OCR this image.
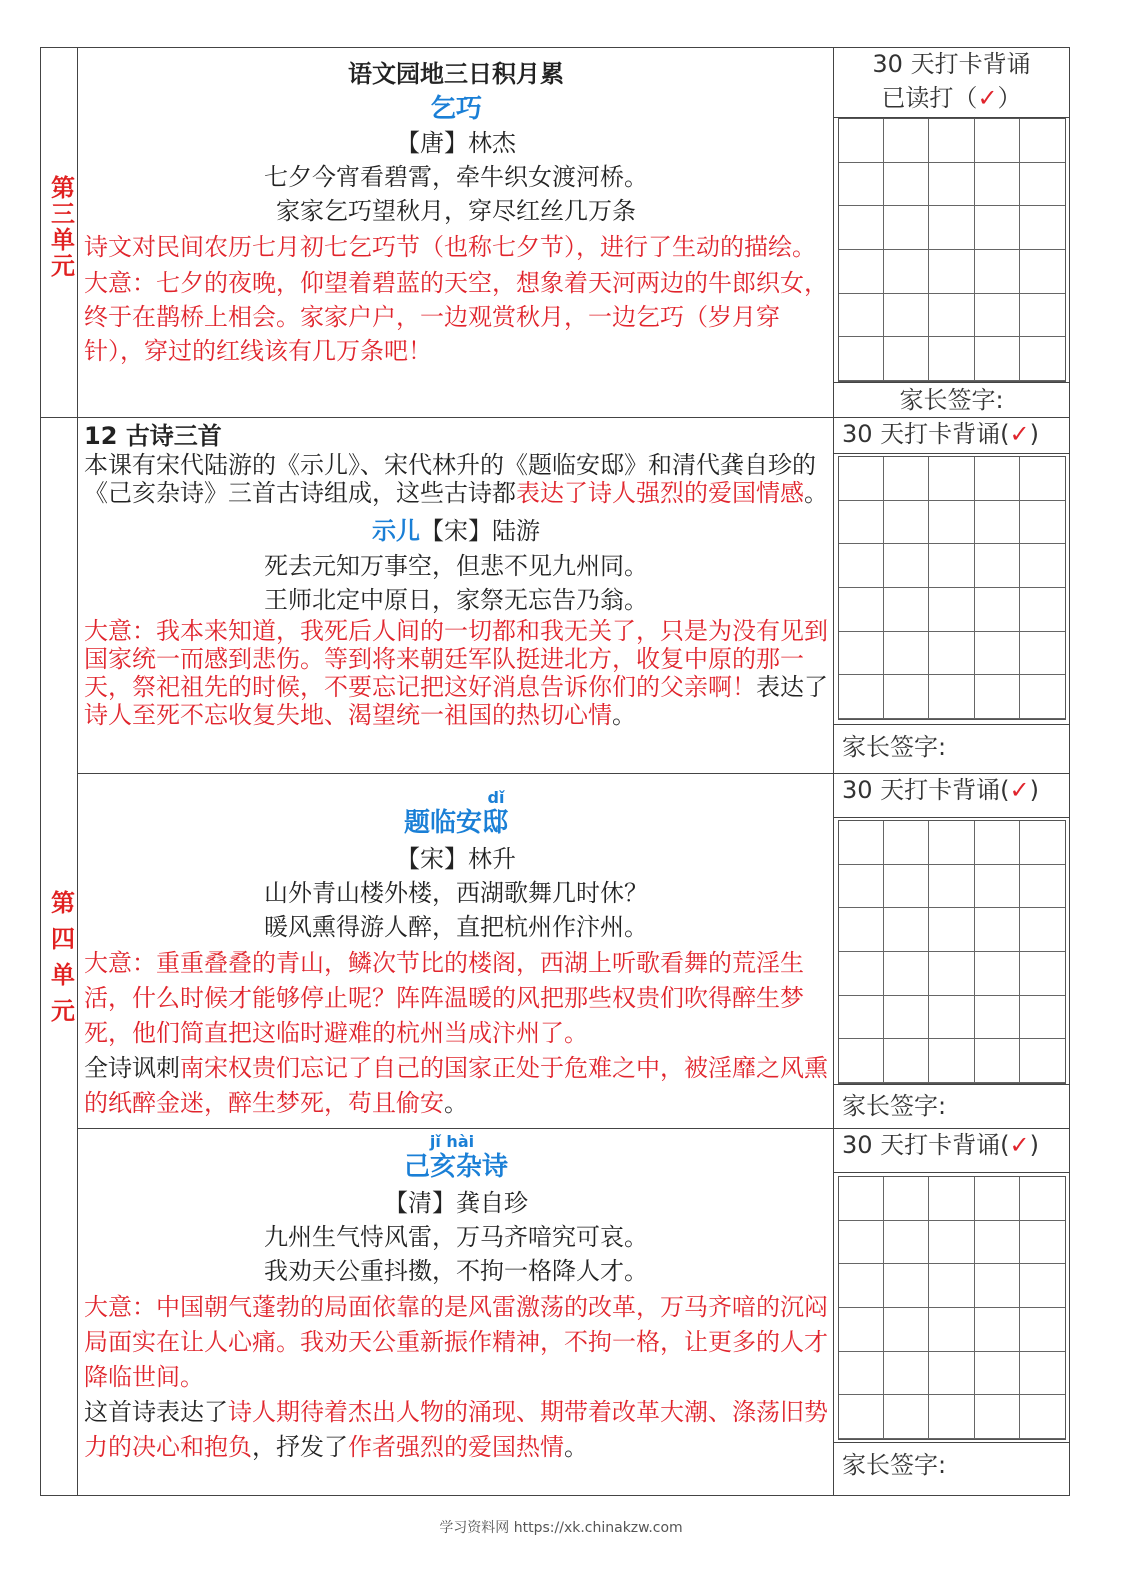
第三单元
第四单元
语文园地三日积月累
乞巧
【唐】林杰
七夕今宵看碧霄，牵牛织女渡河桥。
家家乞巧望秋月，穿尽红丝几万条
诗文对民间农历七月初七乞巧节（也称七夕节），进行了生动的描绘。
大意：七夕的夜晚，仰望着碧蓝的天空，想象着天河两边的牛郎织女，终于在鹊桥上相会。家家户户，一边观赏秋月，一边乞巧（岁月穿针），穿过的红线该有几万条吧！
30 天打卡背诵
已读打（✓）
家长签字:
12 古诗三首
本课有宋代陆游的《示儿》、宋代林升的《题临安邸》和清代龚自珍的《己亥杂诗》三首古诗组成，这些古诗都表达了诗人强烈的爱国情感。
示儿【宋】陆游
死去元知万事空，但悲不见九州同。
王师北定中原日，家祭无忘告乃翁。
大意：我本来知道，我死后人间的一切都和我无关了，只是为没有见到国家统一而感到悲伤。等到将来朝廷军队挺进北方，收复中原的那一天，祭祀祖先的时候，不要忘记把这好消息告诉你们的父亲啊！表达了诗人至死不忘收复失地、渴望统一祖国的热切心情。
30 天打卡背诵(✓)
家长签字:
dǐ
题临安邸
【宋】林升
山外青山楼外楼，西湖歌舞几时休？
暖风熏得游人醉，直把杭州作汴州。
大意：重重叠叠的青山，鳞次节比的楼阁，西湖上听歌看舞的荒淫生活，什么时候才能够停止呢？阵阵温暖的风把那些权贵们吹得醉生梦死，他们简直把这临时避难的杭州当成汴州了。
全诗讽刺南宋权贵们忘记了自己的国家正处于危难之中，被淫靡之风熏的纸醉金迷，醉生梦死，苟且偷安。
30 天打卡背诵(✓)
家长签字:
jǐ hài
己亥杂诗
【清】龚自珍
九州生气恃风雷，万马齐喑究可哀。
我劝天公重抖擞，不拘一格降人才。
大意：中国朝气蓬勃的局面依靠的是风雷激荡的改革，万马齐喑的沉闷局面实在让人心痛。我劝天公重新振作精神，不拘一格，让更多的人才降临世间。
这首诗表达了诗人期待着杰出人物的涌现、期带着改革大潮、涤荡旧势力的决心和抱负，抒发了作者强烈的爱国热情。
30 天打卡背诵(✓)
家长签字:
学习资料网 https://xk.chinakzw.com
